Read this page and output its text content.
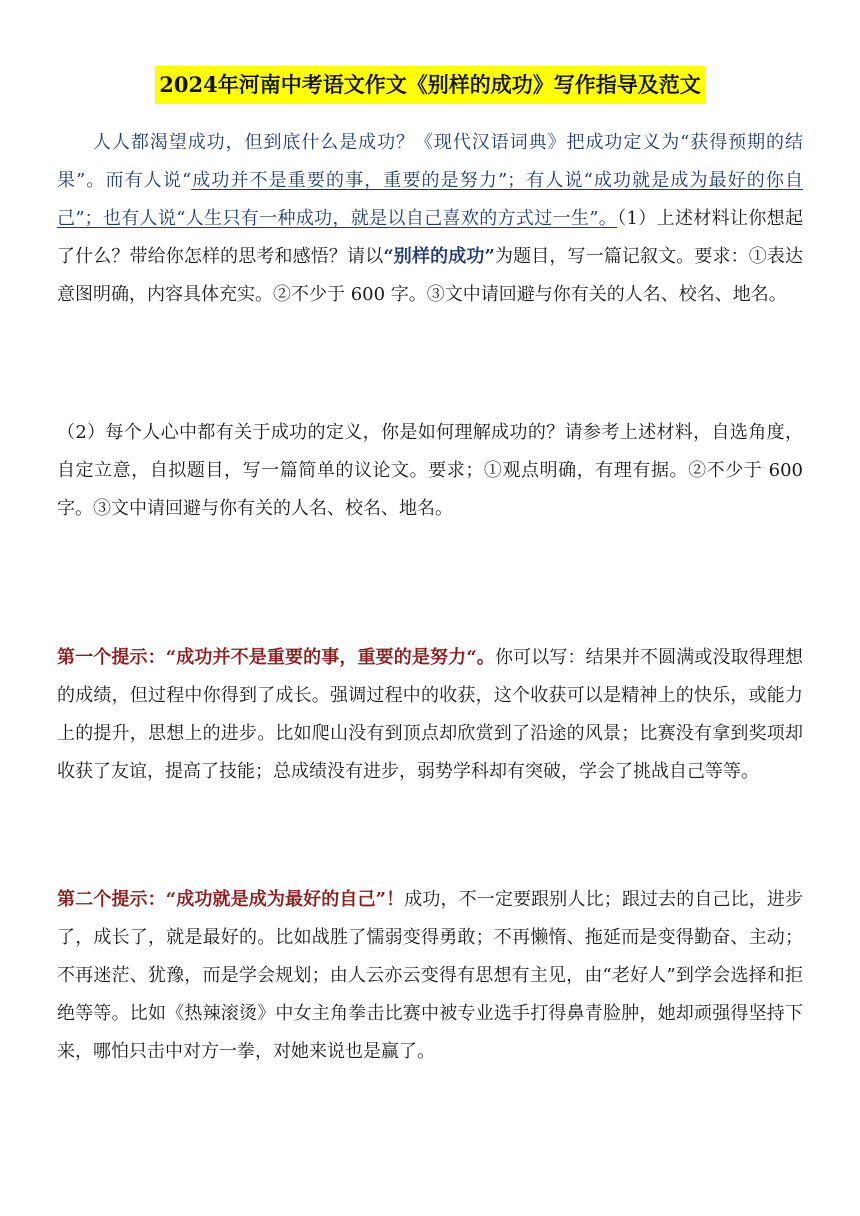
2024年河南中考语文作文《别样的成功》写作指导及范文

人人都渴望成功，但到底什么是成功？《现代汉语词典》把成功定义为“获得预期的结果”。而有人说“成功并不是重要的事，重要的是努力”；有人说“成功就是成为最好的你自己”；也有人说“人生只有一种成功，就是以自己喜欢的方式过一生”。（1）上述材料让你想起了什么？带给你怎样的思考和感悟？请以“别样的成功”为题目，写一篇记叙文。要求：①表达意图明确，内容具体充实。②不少于 600 字。③文中请回避与你有关的人名、校名、地名。

（2）每个人心中都有关于成功的定义，你是如何理解成功的？请参考上述材料，自选角度，自定立意，自拟题目，写一篇简单的议论文。要求；①观点明确，有理有据。②不少于 600 字。③文中请回避与你有关的人名、校名、地名。

第一个提示：“成功并不是重要的事，重要的是努力“。你可以写：结果并不圆满或没取得理想的成绩，但过程中你得到了成长。强调过程中的收获，这个收获可以是精神上的快乐，或能力上的提升，思想上的进步。比如爬山没有到顶点却欣赏到了沿途的风景；比赛没有拿到奖项却收获了友谊，提高了技能；总成绩没有进步，弱势学科却有突破，学会了挑战自己等等。

第二个提示：“成功就是成为最好的自己”！成功，不一定要跟别人比；跟过去的自己比，进步了，成长了，就是最好的。比如战胜了懦弱变得勇敢；不再懒惰、拖延而是变得勤奋、主动；不再迷茫、犹豫，而是学会规划；由人云亦云变得有思想有主见，由“老好人”到学会选择和拒绝等等。比如《热辣滚烫》中女主角拳击比赛中被专业选手打得鼻青脸肿，她却顽强得坚持下来，哪怕只击中对方一拳，对她来说也是赢了。
